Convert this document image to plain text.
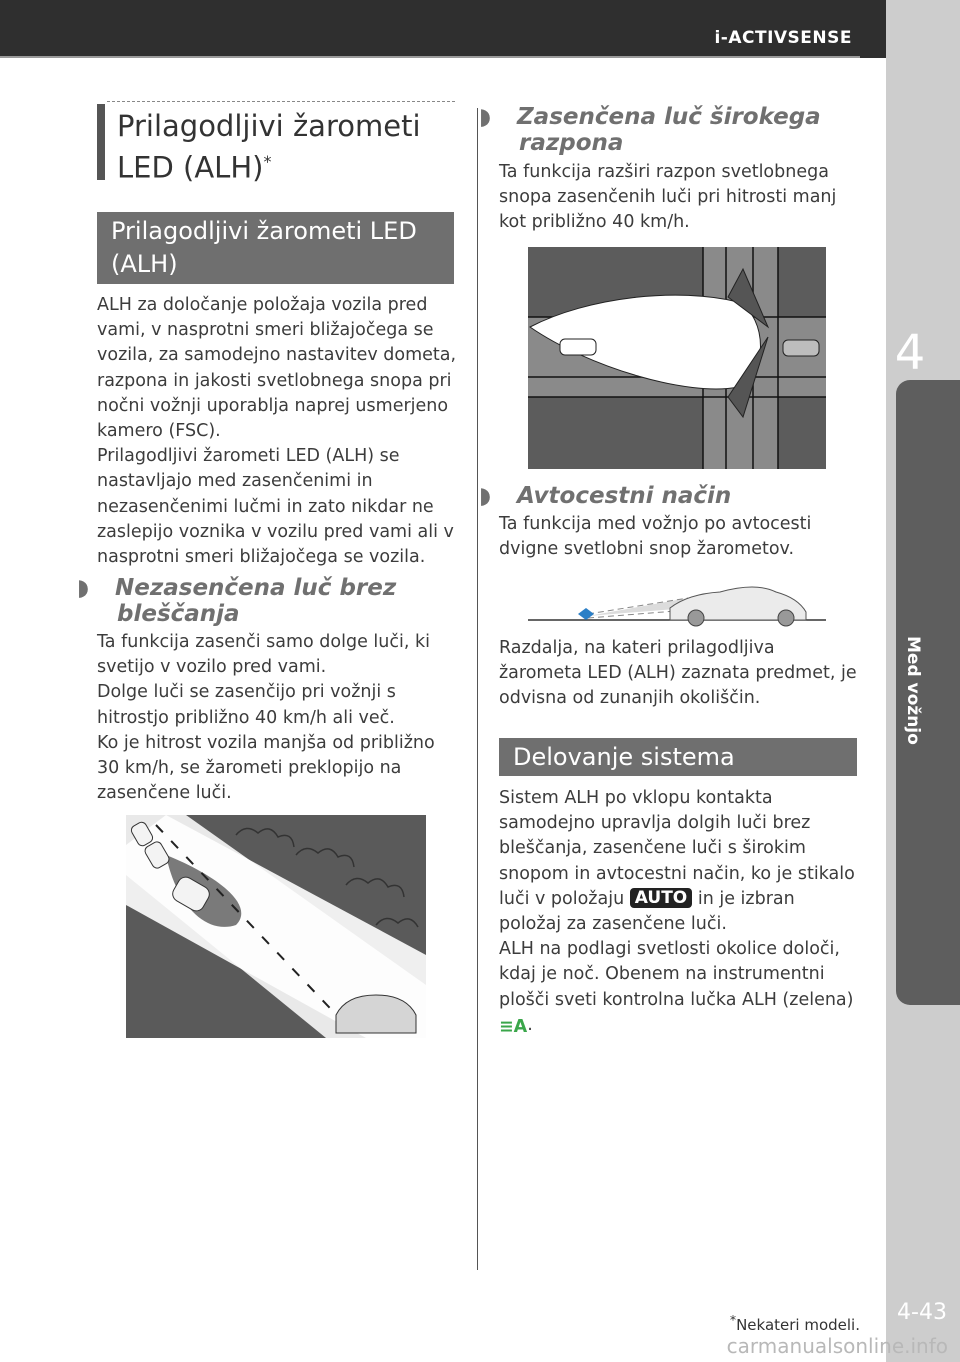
i-ACTIVSENSE
4
Med vožnjo
4-43
Prilagodljivi žarometi LED (ALH)*
Prilagodljivi žarometi LED (ALH)

ALH za določanje položaja vozila pred vami, v nasprotni smeri bližajočega se vozila, za samodejno nastavitev dometa, razpona in jakosti svetlobnega snopa pri nočni vožnji uporablja naprej usmerjeno kamero (FSC).

Prilagodljivi žarometi LED (ALH) se nastavljajo med zasenčenimi in nezasenčenimi lučmi in zato nikdar ne zaslepijo voznika v vozilu pred vami ali v nasprotni smeri bližajočega se vozila.

◗ Nezasenčena luč brez bleščanja

Ta funkcija zasenči samo dolge luči, ki svetijo v vozilo pred vami.

Dolge luči se zasenčijo pri vožnji s hitrostjo približno 40 km/h ali več.

Ko je hitrost vozila manjša od približno 30 km/h, se žarometi preklopijo na zasenčene luči.

◗ Zasenčena luč širokega razpona
Ta funkcija razširi razpon svetlobnega snopa zasenčenih luči pri hitrosti manj kot približno 40 km/h.
◗ Avtocestni način
Ta funkcija med vožnjo po avtocesti dvigne svetlobni snop žarometov.
Razdalja, na kateri prilagodljiva žarometa LED (ALH) zaznata predmet, je odvisna od zunanjih okoliščin.
Delovanje sistema
Sistem ALH po vklopu kontakta samodejno upravlja dolgih luči brez bleščanja, zasenčene luči s širokim snopom in avtocestni način, ko je stikalo luči v položaju AUTO in je izbran položaj za zasenčene luči.
ALH na podlagi svetlosti okolice določi, kdaj je noč. Obenem na instrumentni plošči sveti kontrolna lučka ALH (zelena)≡A.
*Nekateri modeli.
carmanualsonline.info
